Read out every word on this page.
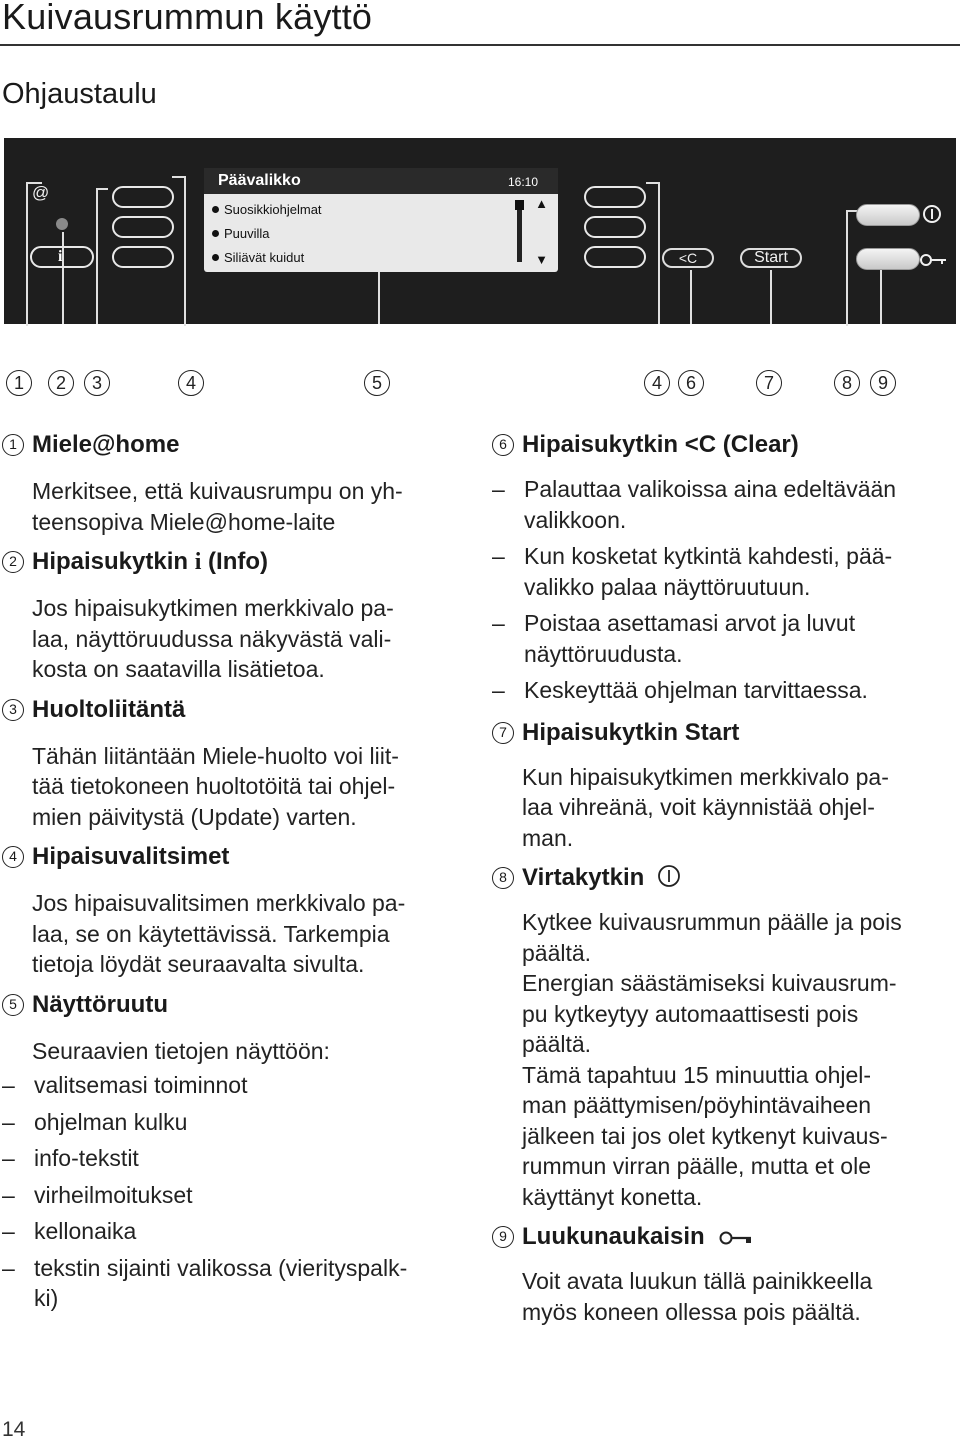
Kuivausrummun käyttö
Ohjaustaulu
@
i
Päävalikko	16:10
Suosikkiohjelmat
Puuvilla
Siliävät kuidut
▲
▼	<C	Start
1	2	3	4	5	4	6	7	8	9
1 Miele@home

Merkitsee, että kuivausrumpu on yh-
teensopiva Miele@home-laite

2 Hipaisukytkin i (Info)

Jos hipaisukytkimen merkkivalo pa-
laa, näyttöruudussa näkyvästä vali-
kosta on saatavilla lisätietoa.

3 Huoltoliitäntä

Tähän liitäntään Miele-huolto voi liit-
tää tietokoneen huoltotöitä tai ohjel-
mien päivitystä (Update) varten.

4 Hipaisuvalitsimet

Jos hipaisuvalitsimen merkkivalo pa-
laa, se on käytettävissä. Tarkempia
tietoja löydät seuraavalta sivulta.

5 Näyttöruutu

Seuraavien tietojen näyttöön:

– valitsemasi toiminnot
– ohjelman kulku
– info-tekstit
– virheilmoitukset
– kellonaika
– tekstin sijainti valikossa (vierityspalk-
ki)
6 Hipaisukytkin <C (Clear)
– Palauttaa valikoissa aina edeltävään
valikkoon.
– Kun kosketat kytkintä kahdesti, pää-
valikko palaa näyttöruutuun.
– Poistaa asettamasi arvot ja luvut
näyttöruudusta.
– Keskeyttää ohjelman tarvittaessa.
7 Hipaisukytkin Start

Kun hipaisukytkimen merkkivalo pa-
laa vihreänä, voit käynnistää ohjel-
man.

8 Virtakytkin

Kytkee kuivausrummun päälle ja pois
päältä.
Energian säästämiseksi kuivausrum-
pu kytkeytyy automaattisesti pois
päältä.
Tämä tapahtuu 15 minuuttia ohjel-
man päättymisen/pöyhintävaiheen
jälkeen tai jos olet kytkenyt kuivaus-
rummun virran päälle, mutta et ole
käyttänyt konetta.

9 Luukunaukaisin

Voit avata luukun tällä painikkeella
myös koneen ollessa pois päältä.

14
